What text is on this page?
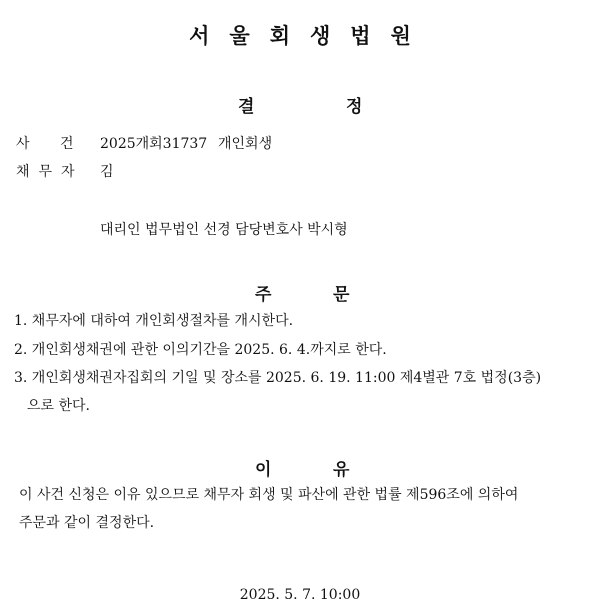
서울회생법원
결	정
사 건 2025개회31737 개인회생
채무자 김
대리인 법무법인 선경 담당변호사 박시형
주	문
1. 채무자에 대하여 개인회생절차를 개시한다.
2. 개인회생채권에 관한 이의기간을 2025. 6. 4.까지로 한다.
3. 개인회생채권자집회의 기일 및 장소를 2025. 6. 19. 11:00 제4별관 7호 법정(3층)
으로 한다.
이	유
이 사건 신청은 이유 있으므로 채무자 회생 및 파산에 관한 법률 제596조에 의하여
주문과 같이 결정한다.
2025. 5. 7. 10:00
